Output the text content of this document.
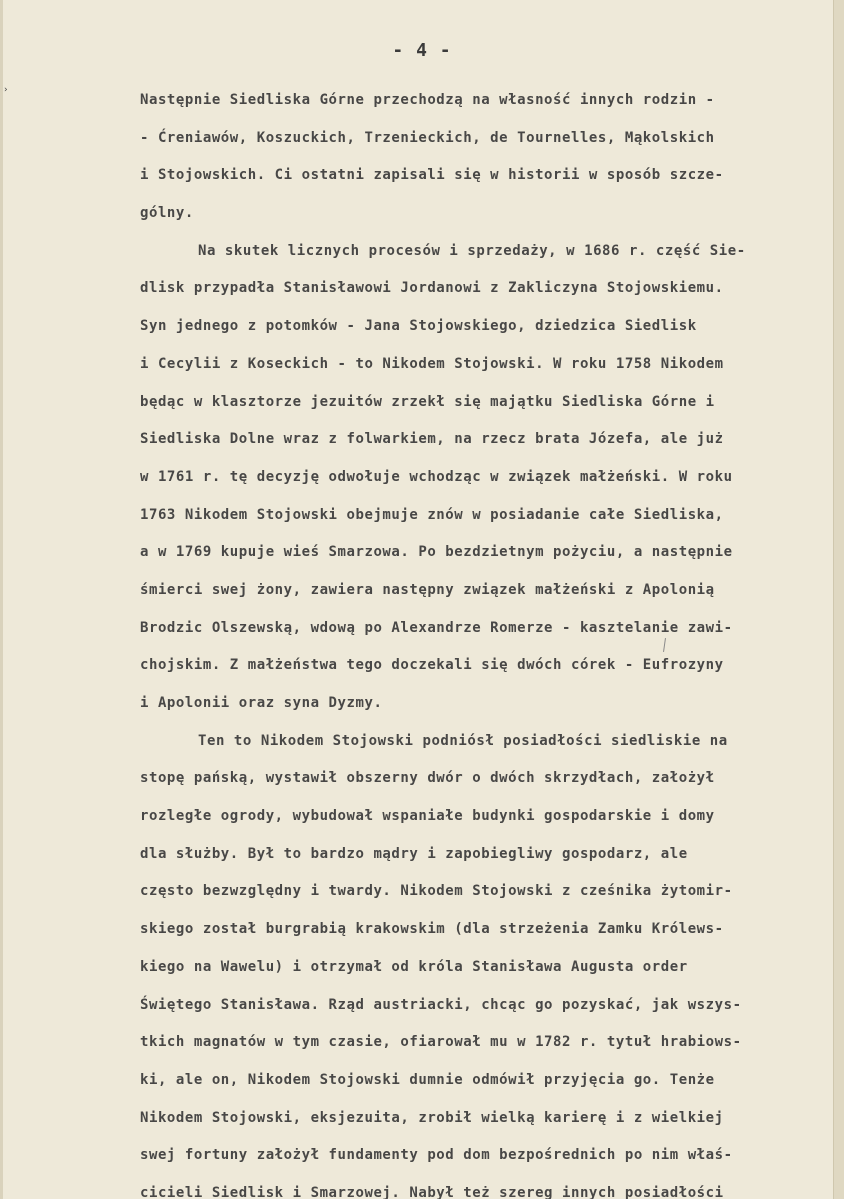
›
- 4 -
Następnie Siedliska Górne przechodzą na własność innych rodzin -
- Ćreniawów, Koszuckich, Trzenieckich, de Tournelles, Mąkolskich
i Stojowskich. Ci ostatni zapisali się w historii w sposób szcze-
gólny.
Na skutek licznych procesów i sprzedaży, w 1686 r. część Sie-
dlisk przypadła Stanisławowi Jordanowi z Zakliczyna Stojowskiemu.
Syn jednego z potomków - Jana Stojowskiego, dziedzica Siedlisk
i Cecylii z Koseckich - to Nikodem Stojowski. W roku 1758 Nikodem
będąc w klasztorze jezuitów zrzekł się majątku Siedliska Górne i
Siedliska Dolne wraz z folwarkiem, na rzecz brata Józefa, ale już
w 1761 r. tę decyzję odwołuje wchodząc w związek małżeński. W roku
1763 Nikodem Stojowski obejmuje znów w posiadanie całe Siedliska,
a w 1769 kupuje wieś Smarzowa. Po bezdzietnym pożyciu, a następnie
śmierci swej żony, zawiera następny związek małżeński z Apolonią
Brodzic Olszewską, wdową po Alexandrze Romerze - kasztelanie zawi-
chojskim. Z małżeństwa tego doczekali się dwóch córek - Eufrozyny
i Apolonii oraz syna Dyzmy.
Ten to Nikodem Stojowski podniósł posiadłości siedliskie na
stopę pańską, wystawił obszerny dwór o dwóch skrzydłach, założył
rozległe ogrody, wybudował wspaniałe budynki gospodarskie i domy
dla służby. Był to bardzo mądry i zapobiegliwy gospodarz, ale
często bezwzględny i twardy. Nikodem Stojowski z cześnika żytomir-
skiego został burgrabią krakowskim (dla strzeżenia Zamku Królews-
kiego na Wawelu) i otrzymał od króla Stanisława Augusta order
Świętego Stanisława. Rząd austriacki, chcąc go pozyskać, jak wszys-
tkich magnatów w tym czasie, ofiarował mu w 1782 r. tytuł hrabiows-
ki, ale on, Nikodem Stojowski dumnie odmówił przyjęcia go. Tenże
Nikodem Stojowski, eksjezuita, zrobił wielką karierę i z wielkiej
swej fortuny założył fundamenty pod dom bezpośrednich po nim właś-
cicieli Siedlisk i Smarzowej. Nabył też szereg innych posiadłości
